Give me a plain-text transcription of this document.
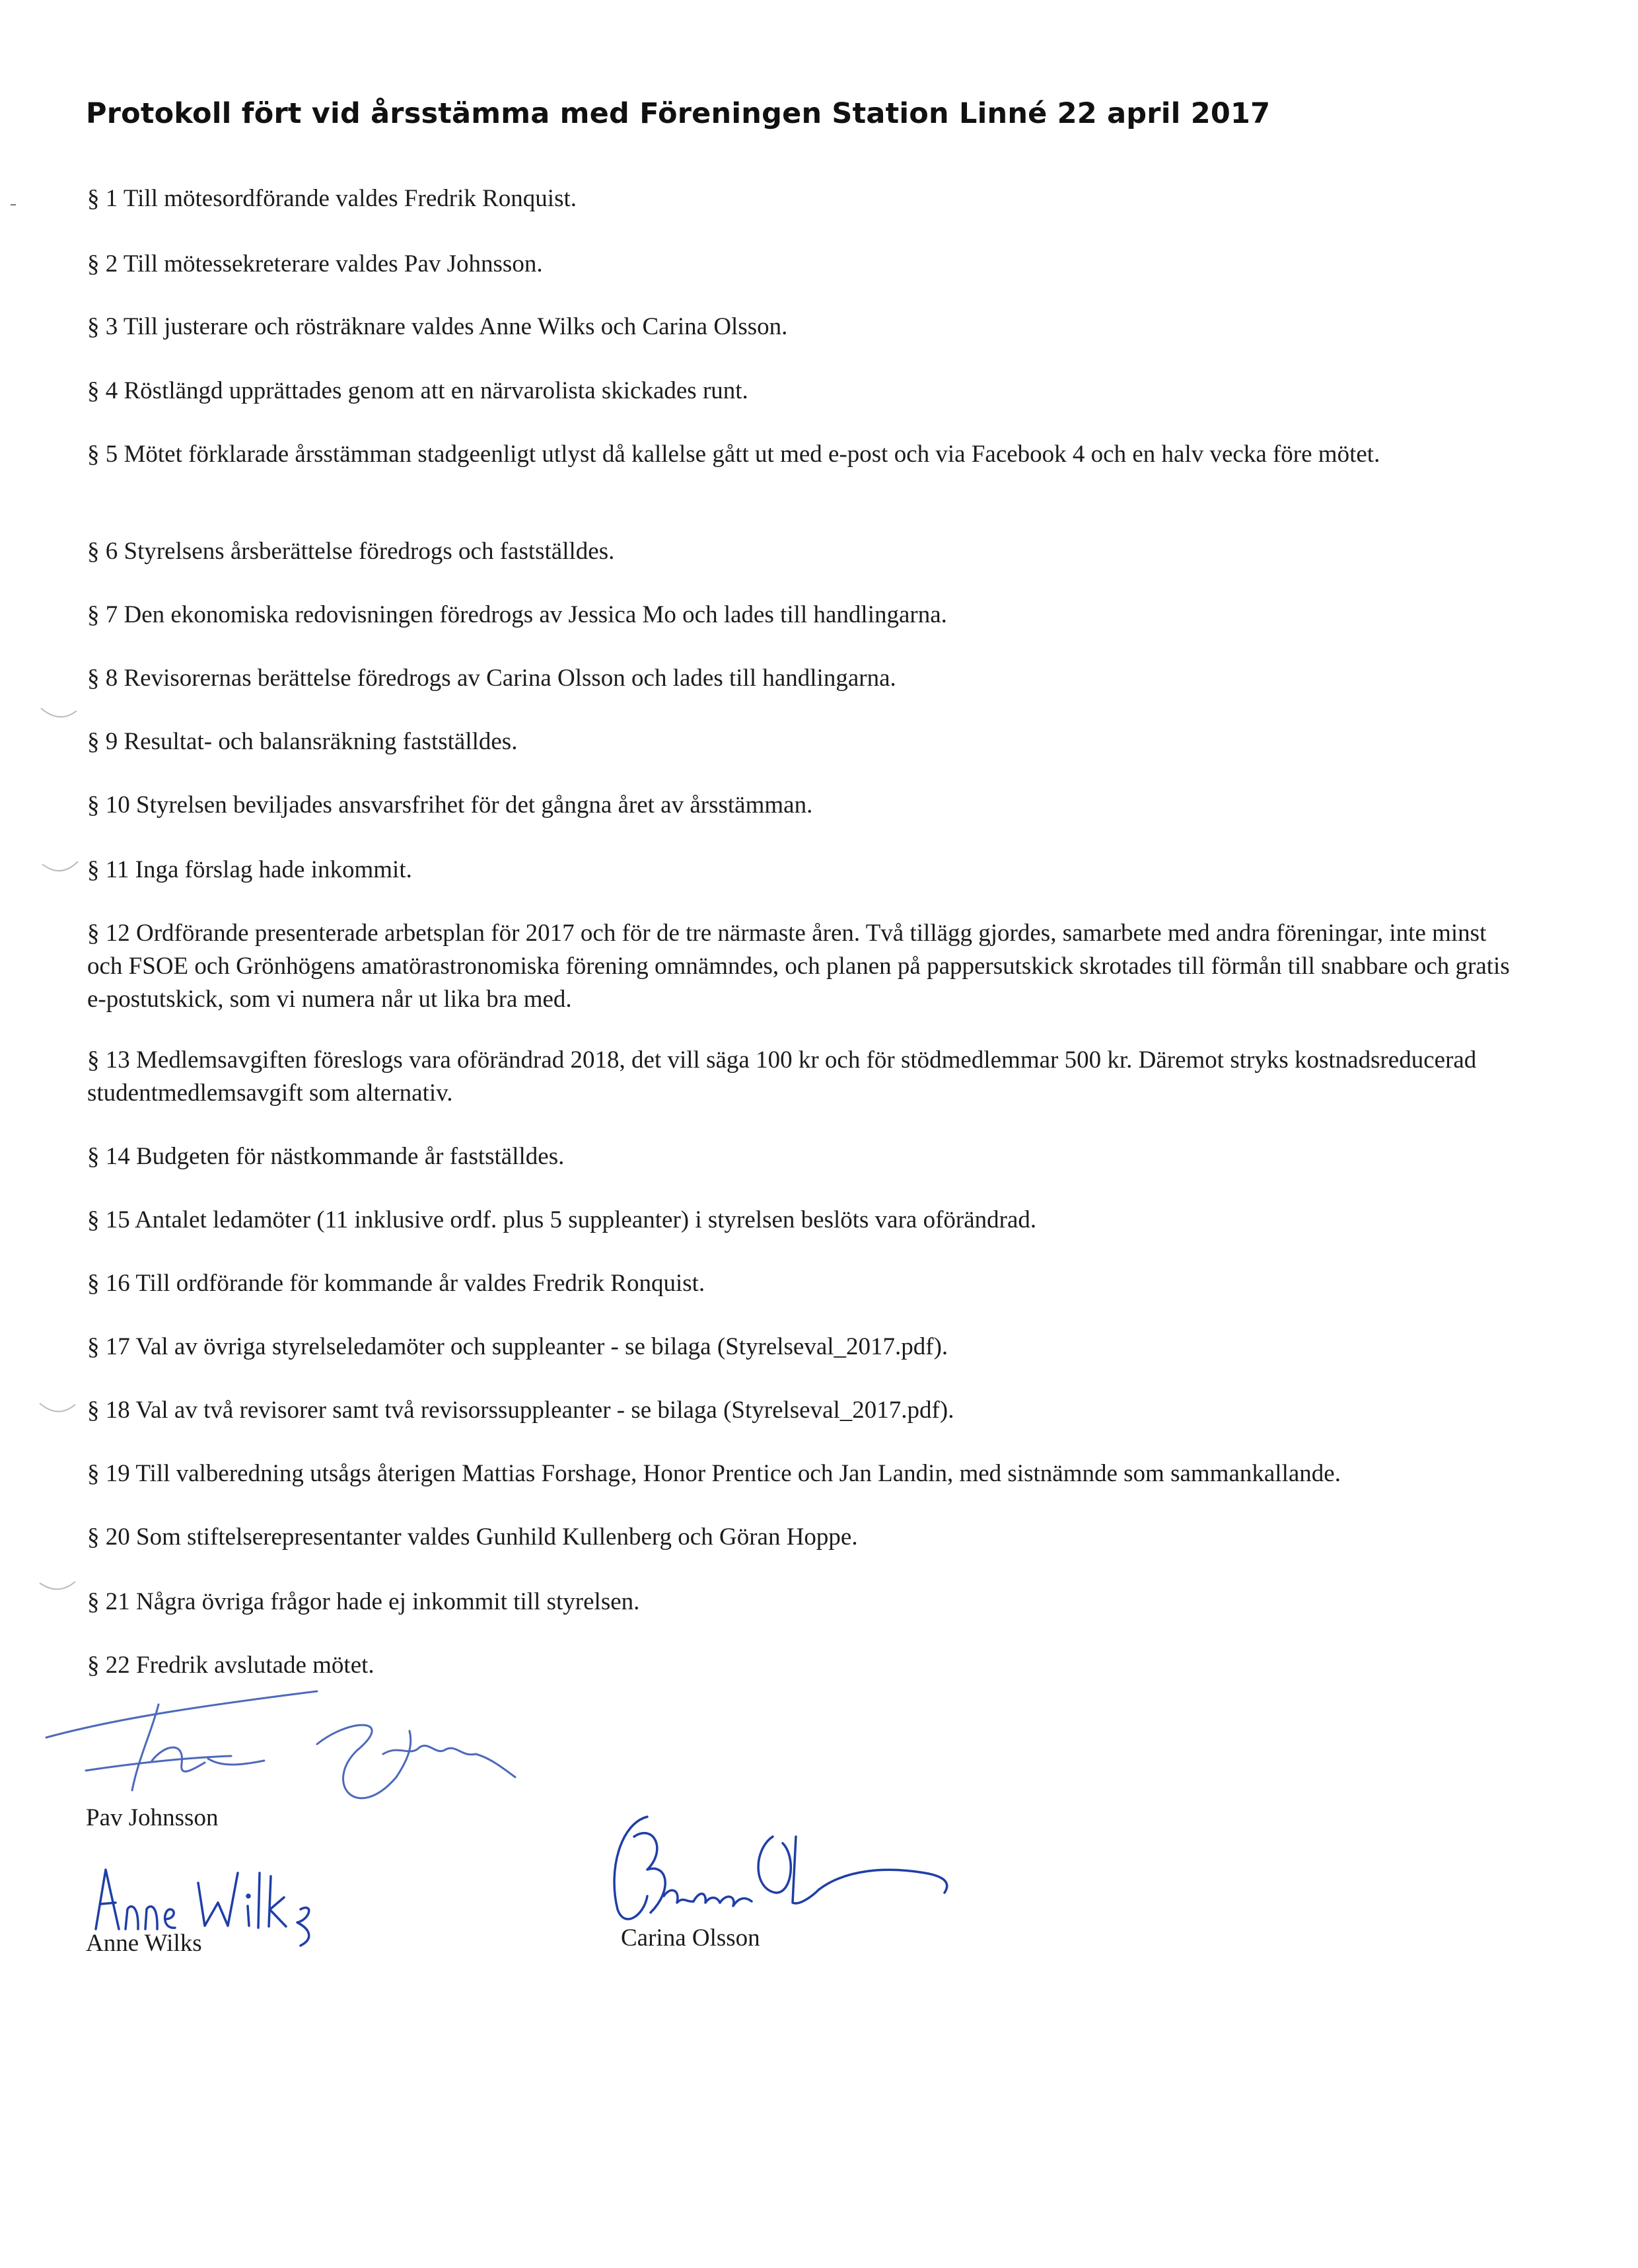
Protokoll fört vid årsstämma med Föreningen Station Linné 22 april 2017

§ 1 Till mötesordförande valdes Fredrik Ronquist.

§ 2 Till mötessekreterare valdes Pav Johnsson.

§ 3 Till justerare och rösträknare valdes Anne Wilks och Carina Olsson.

§ 4 Röstlängd upprättades genom att en närvarolista skickades runt.

§ 5 Mötet förklarade årsstämman stadgeenligt utlyst då kallelse gått ut med e-post och via Facebook 4 och en halv vecka före mötet.

§ 6 Styrelsens årsberättelse föredrogs och fastställdes.

§ 7 Den ekonomiska redovisningen föredrogs av Jessica Mo och lades till handlingarna.

§ 8 Revisorernas berättelse föredrogs av Carina Olsson och lades till handlingarna.

§ 9 Resultat- och balansräkning fastställdes.

§ 10 Styrelsen beviljades ansvarsfrihet för det gångna året av årsstämman.

§ 11 Inga förslag hade inkommit.

§ 12 Ordförande presenterade arbetsplan för 2017 och för de tre närmaste åren. Två tillägg gjordes, samarbete med andra föreningar, inte minst och FSOE och Grönhögens amatörastronomiska förening omnämndes, och planen på pappersutskick skrotades till förmån till snabbare och gratis e-postutskick, som vi numera når ut lika bra med.

§ 13 Medlemsavgiften föreslogs vara oförändrad 2018, det vill säga 100 kr och för stödmedlemmar 500 kr. Däremot stryks kostnadsreducerad studentmedlemsavgift som alternativ.

§ 14 Budgeten för nästkommande år fastställdes.

§ 15 Antalet ledamöter (11 inklusive ordf. plus 5 suppleanter) i styrelsen beslöts vara oförändrad.

§ 16 Till ordförande för kommande år valdes Fredrik Ronquist.

§ 17 Val av övriga styrelseledamöter och suppleanter - se bilaga (Styrelseval_2017.pdf).

§ 18 Val av två revisorer samt två revisorssuppleanter - se bilaga (Styrelseval_2017.pdf).

§ 19 Till valberedning utsågs återigen Mattias Forshage, Honor Prentice och Jan Landin, med sistnämnde som sammankallande.

§ 20 Som stiftelserepresentanter valdes Gunhild Kullenberg och Göran Hoppe.

§ 21 Några övriga frågor hade ej inkommit till styrelsen.

§ 22 Fredrik avslutade mötet.

Pav Johnsson
Anne Wilks	Carina Olsson
